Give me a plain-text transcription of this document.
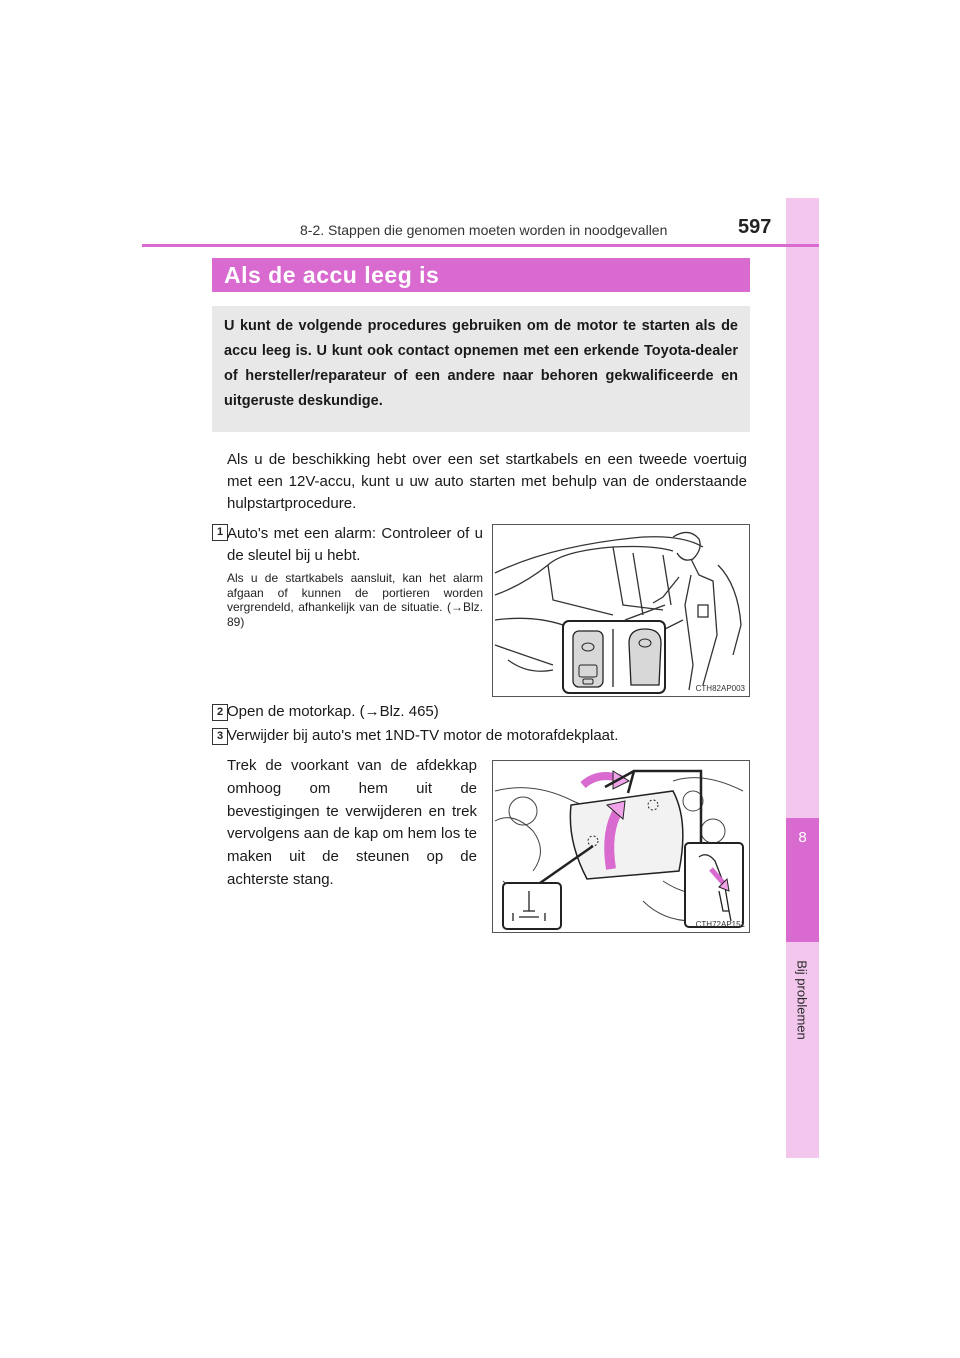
8
Bij problemen
8-2. Stappen die genomen moeten worden in noodgevallen	597
Als de accu leeg is
U kunt de volgende procedures gebruiken om de motor te starten als de accu leeg is. U kunt ook contact opnemen met een erkende Toyota-dealer of hersteller/reparateur of een andere naar behoren gekwalificeerde en uitgeruste deskundige.
Als u de beschikking hebt over een set startkabels en een tweede voertuig met een 12V-accu, kunt u uw auto starten met behulp van de onderstaande hulpstartprocedure.
1 Auto's met een alarm: Controleer of u de sleutel bij u hebt.
Als u de startkabels aansluit, kan het alarm afgaan of kunnen de portieren worden vergrendeld, afhankelijk van de situatie. (→Blz. 89)
CTH82AP003
2 Open de motorkap. (→Blz. 465)
3 Verwijder bij auto's met 1ND-TV motor de motorafdekplaat.
Trek de voorkant van de afdekkap omhoog om hem uit de bevestigingen te verwijderen en trek vervolgens aan de kap om hem los te maken uit de steunen op de achterste stang.
CTH72AP151
